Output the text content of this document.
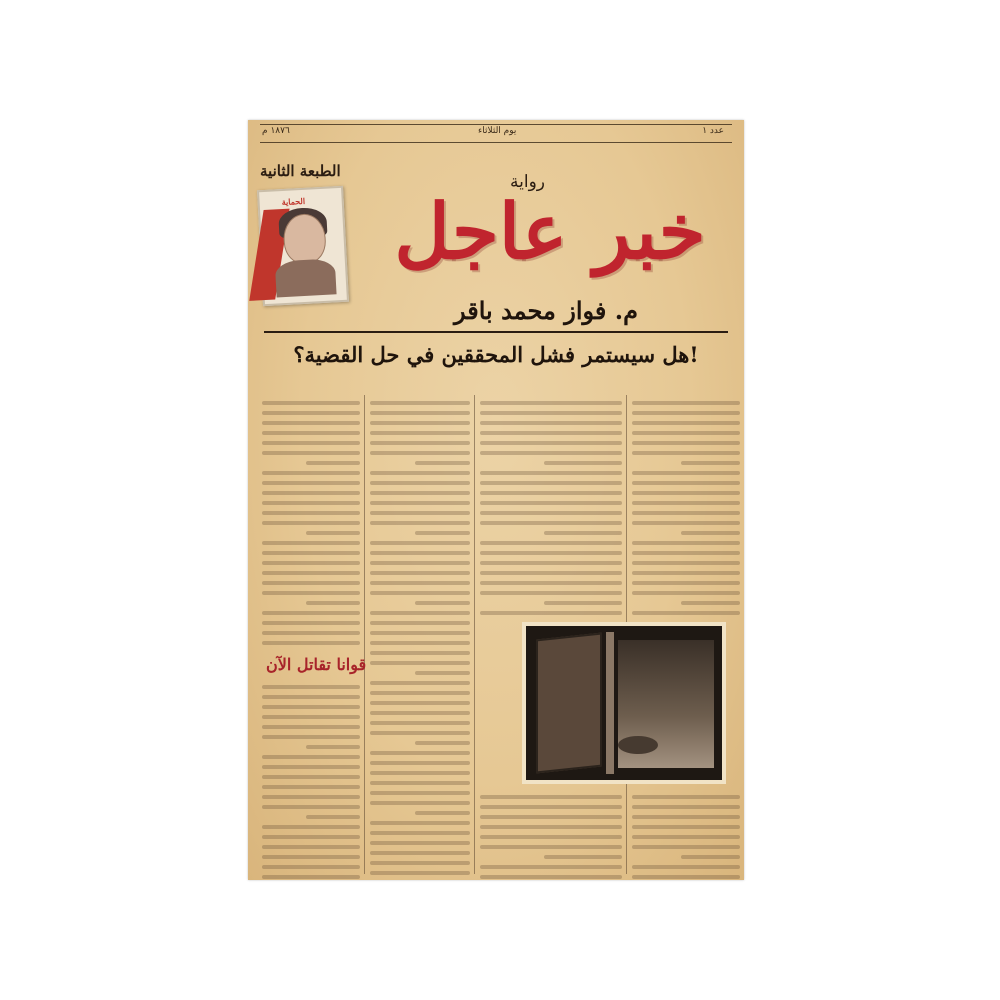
١٨٧٦ م	يوم الثلاثاء	عدد ١
الطبعة الثانية
الحماية
رواية
خبر عاجل
م. فواز محمد باقر
هل سيستمر فشل المحققين في حل القضية؟!
قوانا تقاتل الآن
